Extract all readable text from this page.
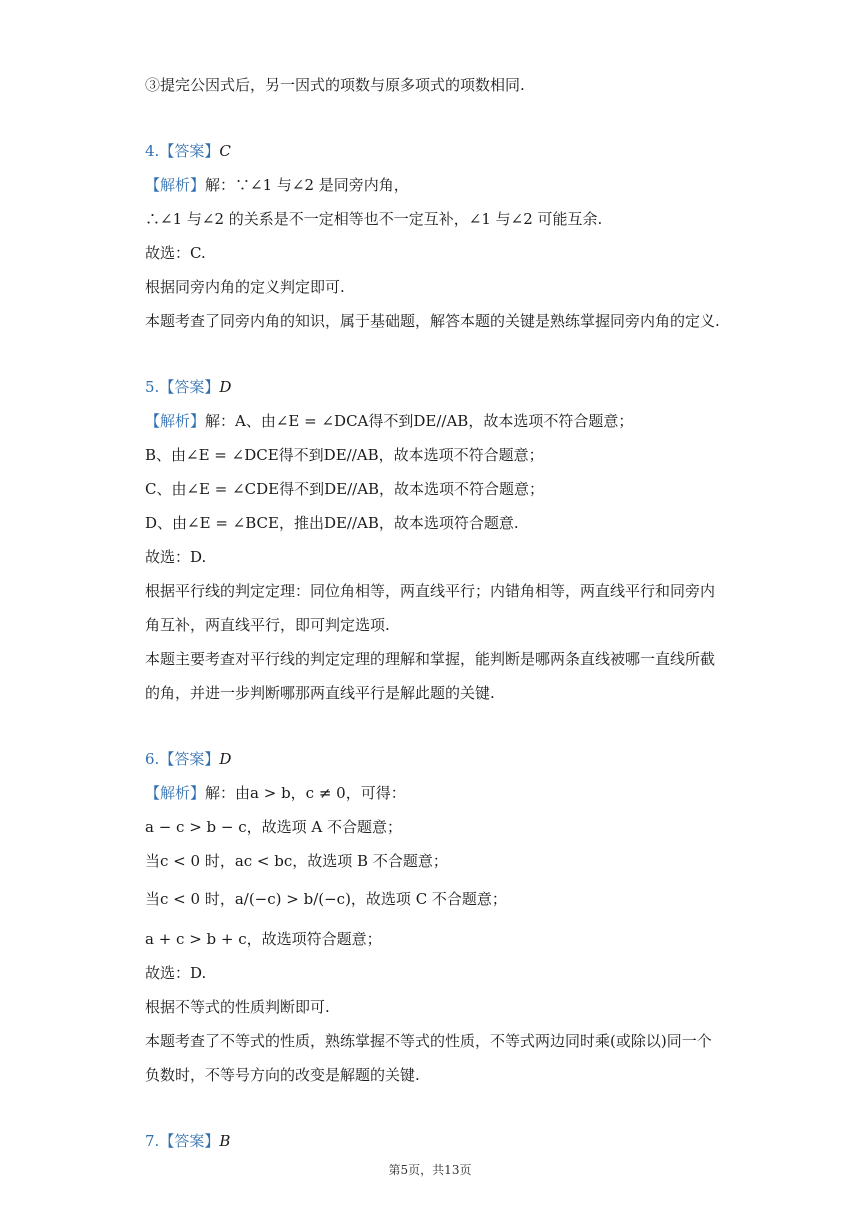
③提完公因式后，另一因式的项数与原多项式的项数相同.
4.【答案】C
【解析】解：∵∠1 与∠2 是同旁内角，
∴∠1 与∠2 的关系是不一定相等也不一定互补，∠1 与∠2 可能互余.
故选：C.
根据同旁内角的定义判定即可.
本题考查了同旁内角的知识，属于基础题，解答本题的关键是熟练掌握同旁内角的定义.
5.【答案】D
【解析】解：A、由∠E = ∠DCA得不到DE//AB，故本选项不符合题意；
B、由∠E = ∠DCE得不到DE//AB，故本选项不符合题意；
C、由∠E = ∠CDE得不到DE//AB，故本选项不符合题意；
D、由∠E = ∠BCE，推出DE//AB，故本选项符合题意.
故选：D.
根据平行线的判定定理：同位角相等，两直线平行；内错角相等，两直线平行和同旁内
角互补，两直线平行，即可判定选项.
本题主要考查对平行线的判定定理的理解和掌握，能判断是哪两条直线被哪一直线所截
的角，并进一步判断哪那两直线平行是解此题的关键.
6.【答案】D
【解析】解：由a > b，c ≠ 0，可得：
a − c > b − c，故选项 A 不合题意；
当c < 0 时，ac < bc，故选项 B 不合题意；
当c < 0 时，a/(−c) > b/(−c)，故选项 C 不合题意；
a + c > b + c，故选项符合题意；
故选：D.
根据不等式的性质判断即可.
本题考查了不等式的性质，熟练掌握不等式的性质，不等式两边同时乘(或除以)同一个
负数时，不等号方向的改变是解题的关键.
7.【答案】B
第5页，共13页
